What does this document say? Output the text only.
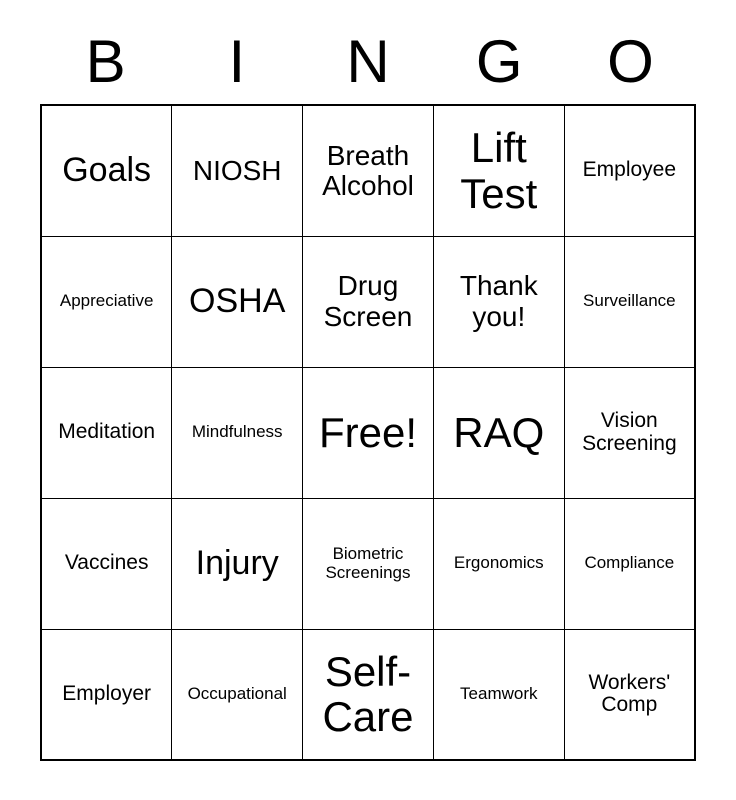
B	I	N	G	O
Goals	NIOSH	Breath Alcohol	Lift Test	Employee

Appreciative	OSHA	Drug Screen	Thank you!	Surveillance

Meditation	Mindfulness	Free!	RAQ	Vision Screening

Vaccines	Injury	Biometric Screenings	Ergonomics	Compliance

Employer	Occupational	Self-Care	Teamwork	Workers' Comp
